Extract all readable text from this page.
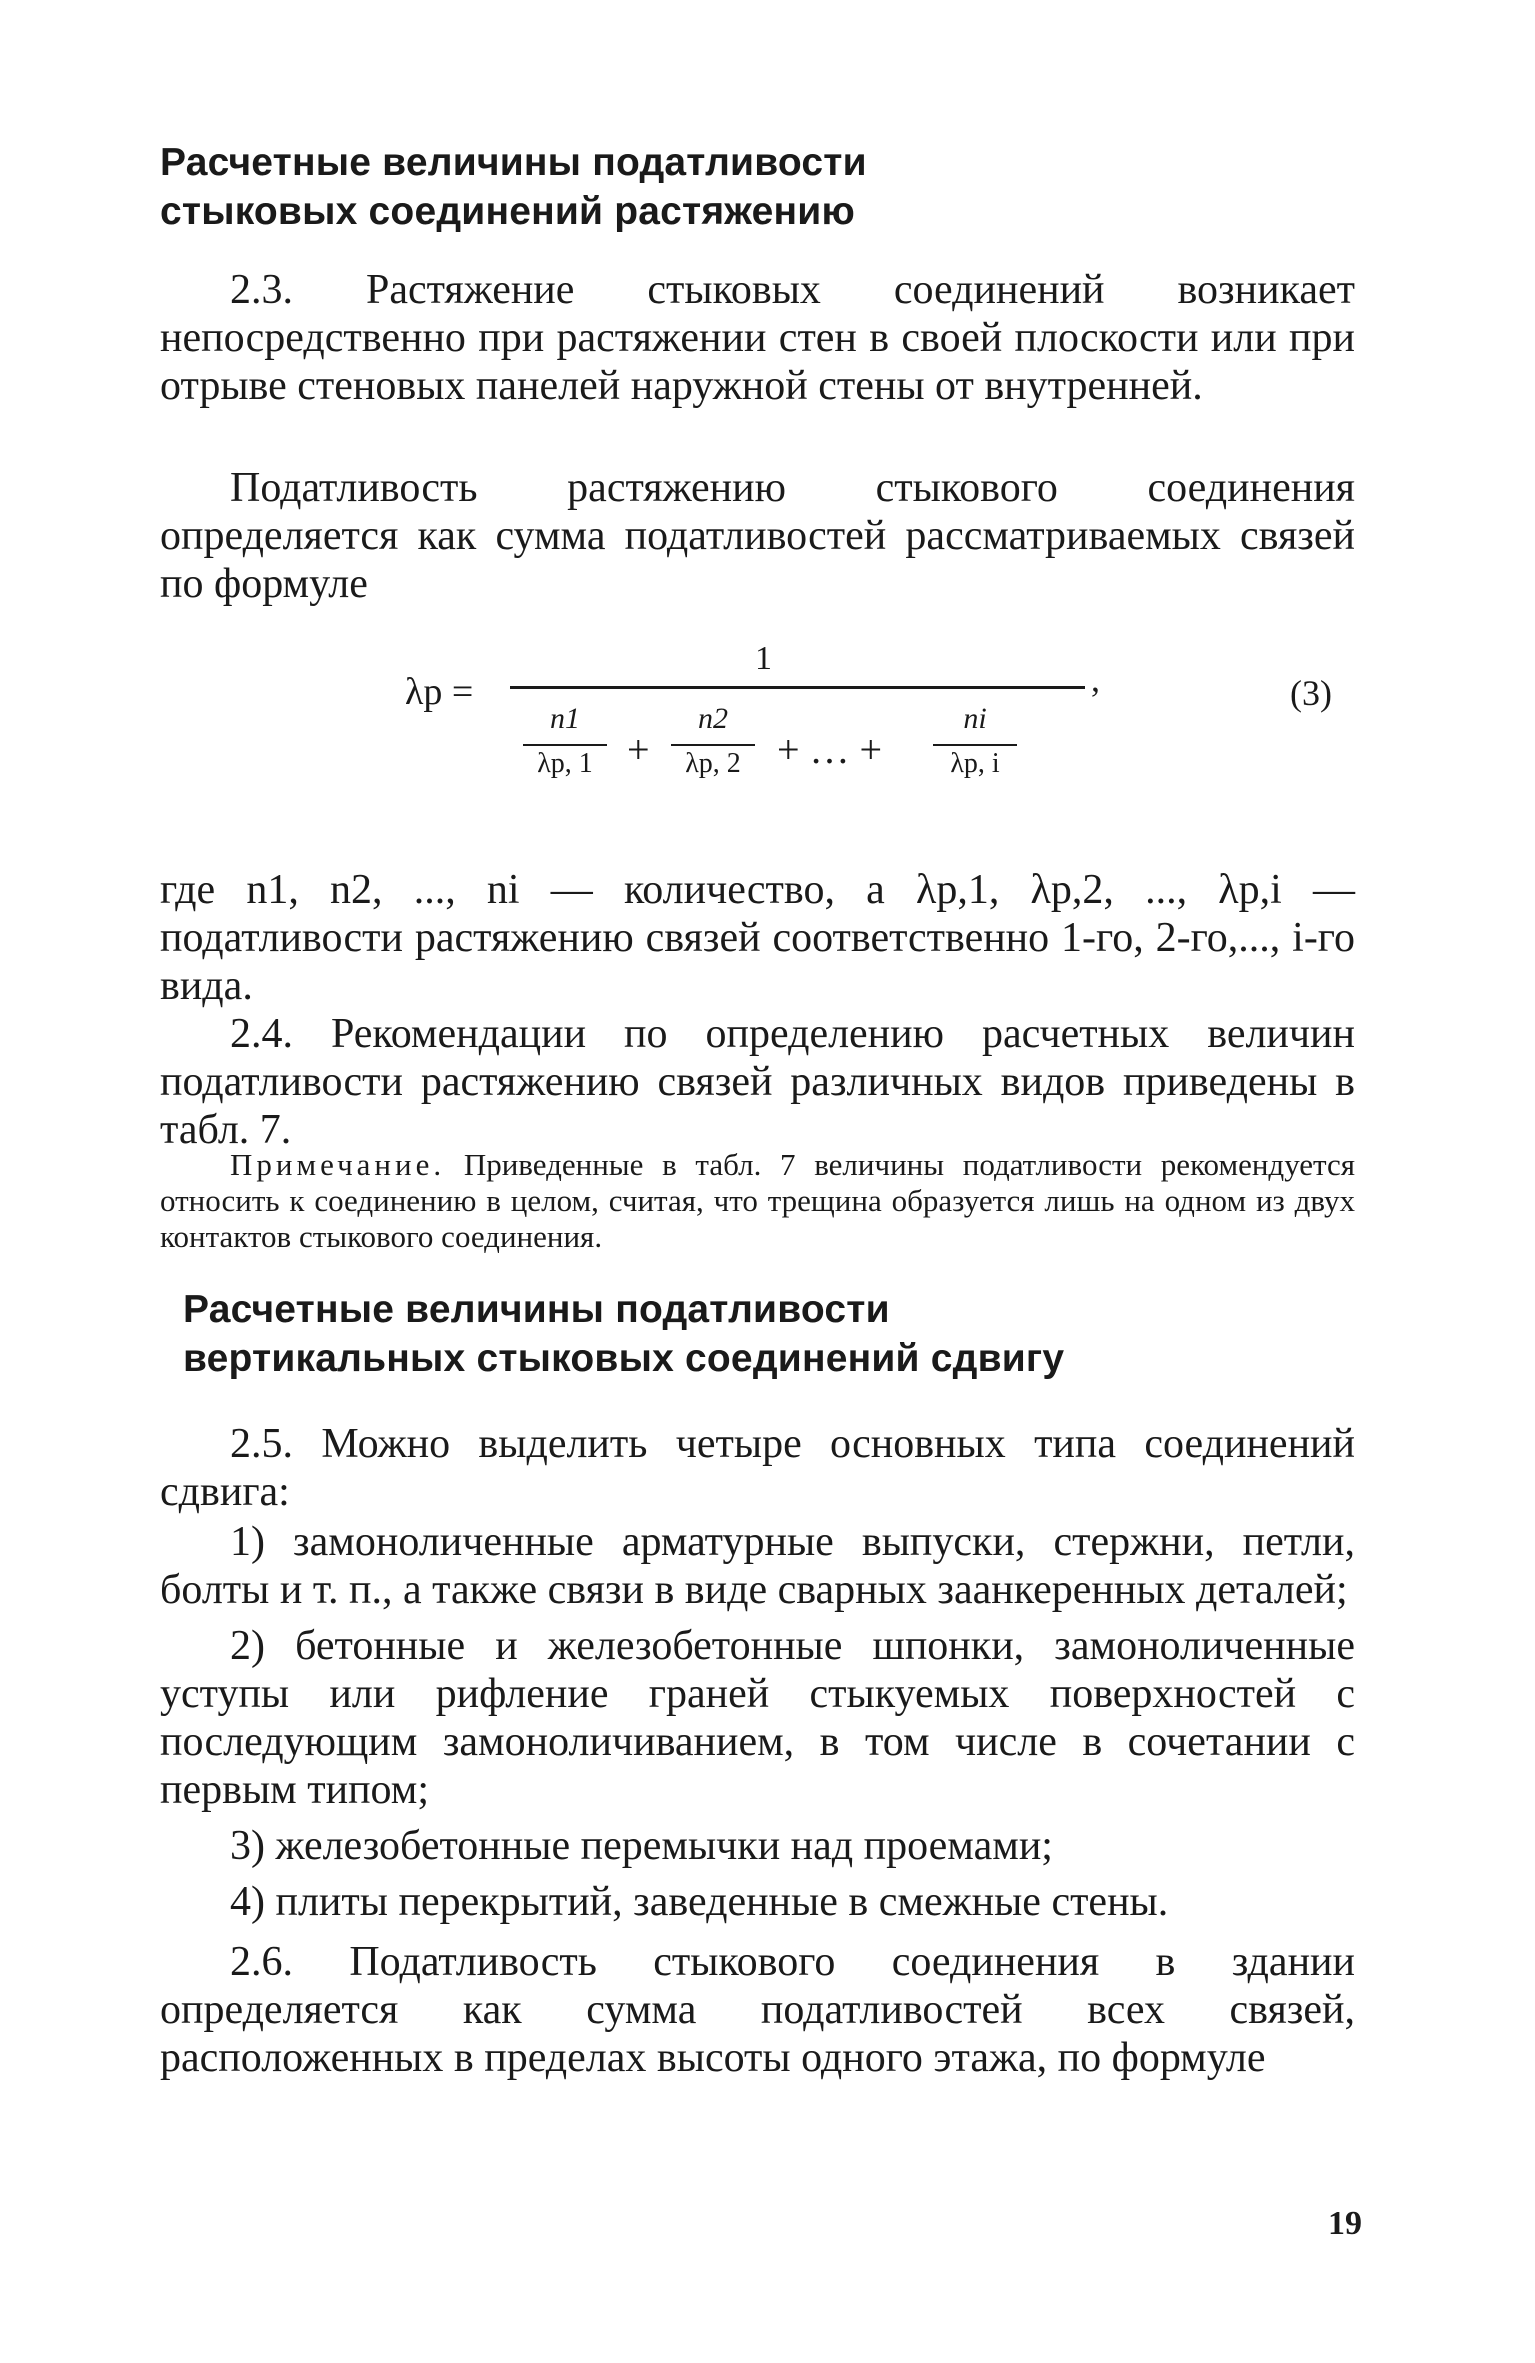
Расчетные величины податливости
стыковых соединений растяжению

2.3. Растяжение стыковых соединений возникает непосредственно при растяжении стен в своей плоскости или при отрыве стеновых панелей наружной стены от внутренней.

Податливость растяжению стыкового соединения определяется как сумма податливостей рассматриваемых связей по формуле

λp =
1
,
n1
λp, 1 +
n2
λp, 2 + … +
ni
λp, i
(3)

где n1, n2, ..., ni — количество, а λp,1, λp,2, ..., λp,i — податливости растяжению связей соответственно 1-го, 2-го,..., i-го вида.

2.4. Рекомендации по определению расчетных величин податливости растяжению связей различных видов приведены в табл. 7.

Примечание. Приведенные в табл. 7 величины податливости рекомендуется относить к соединению в целом, считая, что трещина образуется лишь на одном из двух контактов стыкового соединения.

Расчетные величины податливости
вертикальных стыковых соединений сдвигу

2.5. Можно выделить четыре основных типа соединений сдвига:

1) замоноличенные арматурные выпуски, стержни, петли, болты и т. п., а также связи в виде сварных заанкеренных деталей;

2) бетонные и железобетонные шпонки, замоноличенные уступы или рифление граней стыкуемых поверхностей с последующим замоноличиванием, в том числе в сочетании с первым типом;

3) железобетонные перемычки над проемами;

4) плиты перекрытий, заведенные в смежные стены.

2.6. Податливость стыкового соединения в здании определяется как сумма податливостей всех связей, расположенных в пределах высоты одного этажа, по формуле

19
